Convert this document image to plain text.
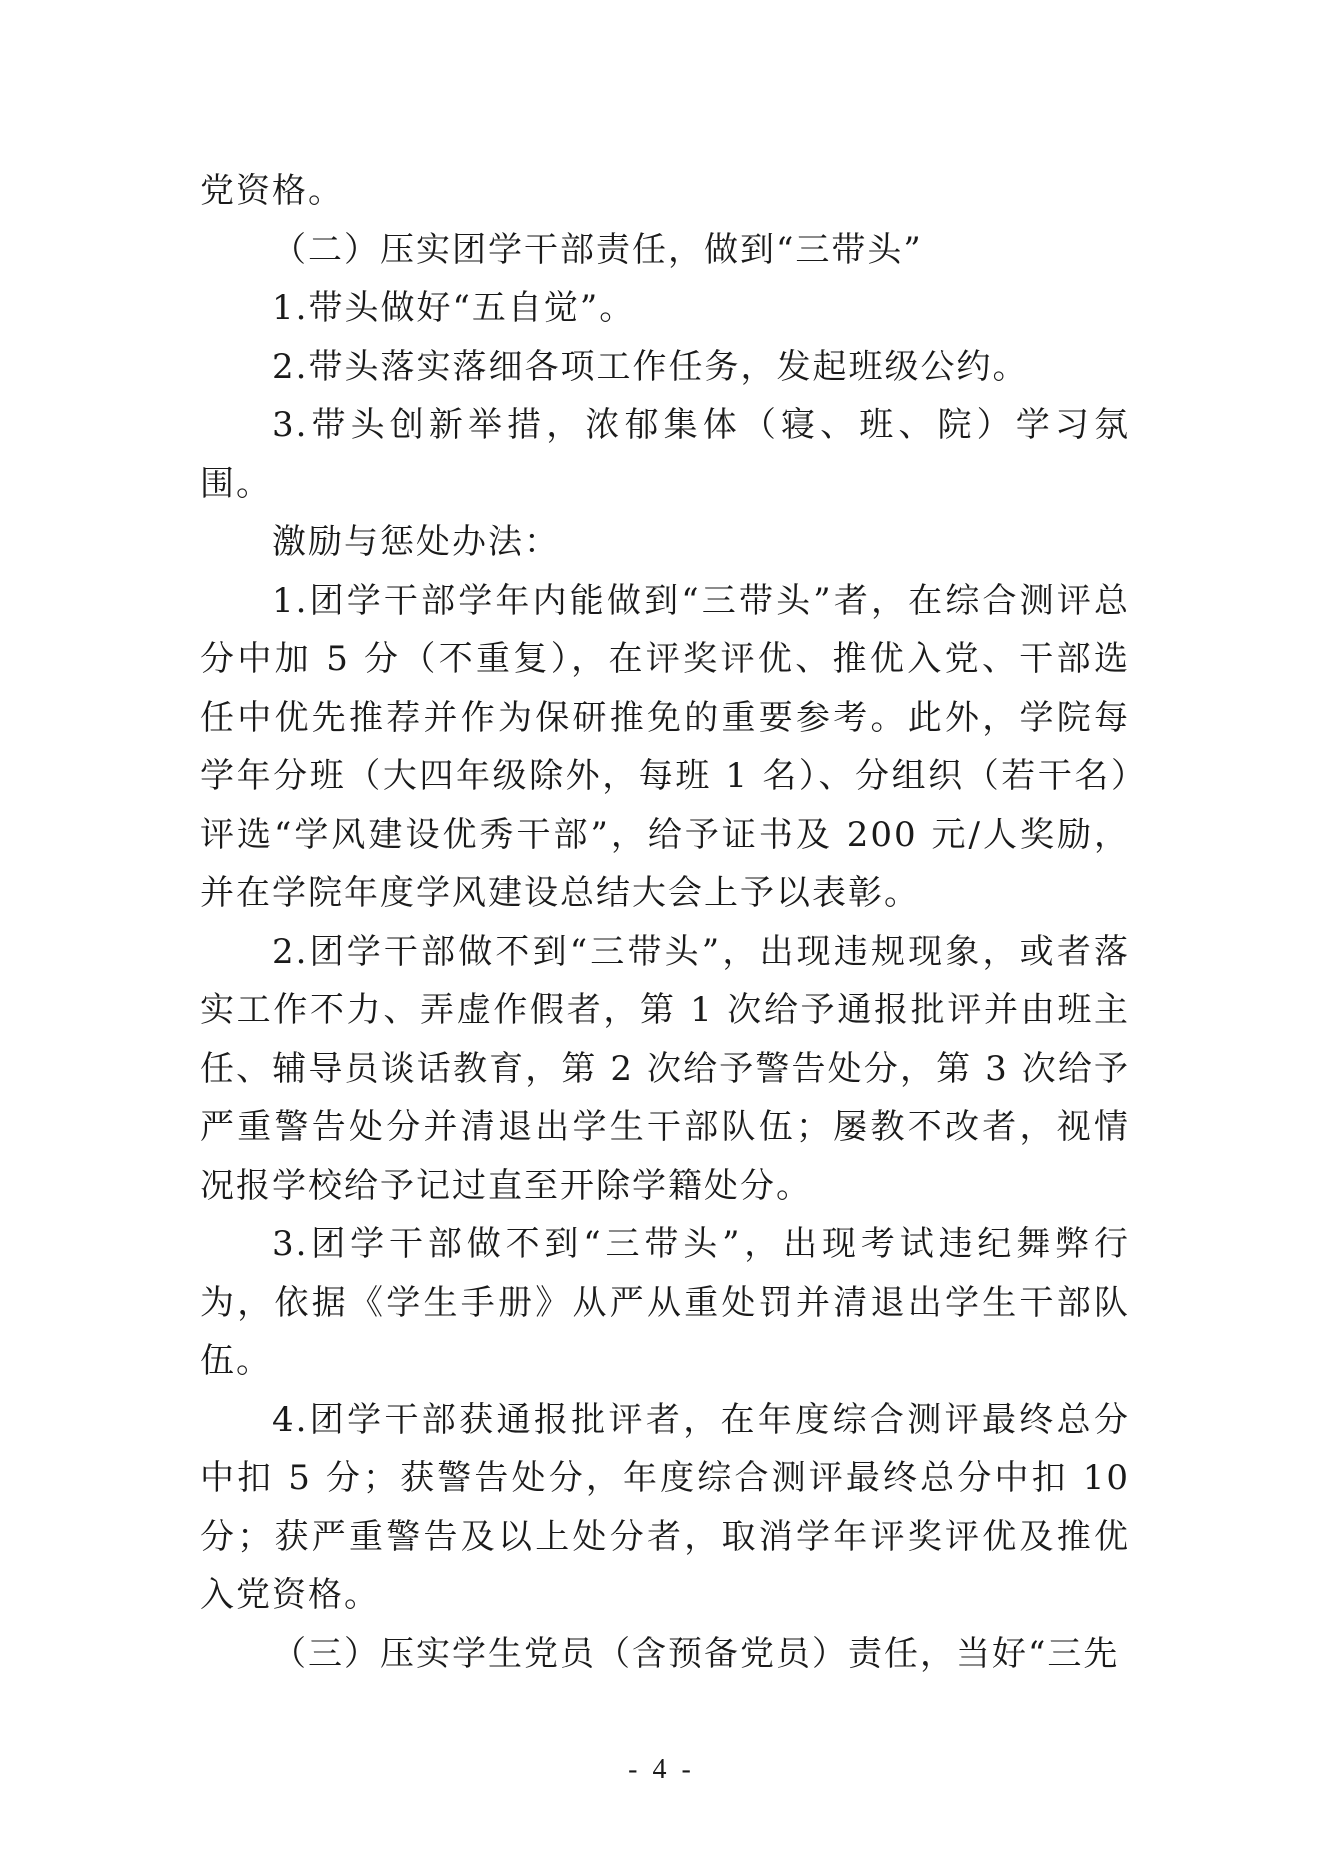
党资格。

（二）压实团学干部责任，做到“三带头”

1.带头做好“五自觉”。

2.带头落实落细各项工作任务，发起班级公约。

3.带头创新举措，浓郁集体（寝、班、院）学习氛围。

激励与惩处办法：

1.团学干部学年内能做到“三带头”者，在综合测评总分中加 5 分（不重复），在评奖评优、推优入党、干部选任中优先推荐并作为保研推免的重要参考。此外，学院每学年分班（大四年级除外，每班 1 名）、分组织（若干名）评选“学风建设优秀干部”，给予证书及 200 元/人奖励，并在学院年度学风建设总结大会上予以表彰。

2.团学干部做不到“三带头”，出现违规现象，或者落实工作不力、弄虚作假者，第 1 次给予通报批评并由班主任、辅导员谈话教育，第 2 次给予警告处分，第 3 次给予严重警告处分并清退出学生干部队伍；屡教不改者，视情况报学校给予记过直至开除学籍处分。

3.团学干部做不到“三带头”，出现考试违纪舞弊行为，依据《学生手册》从严从重处罚并清退出学生干部队伍。

4.团学干部获通报批评者，在年度综合测评最终总分中扣 5 分；获警告处分，年度综合测评最终总分中扣 10 分；获严重警告及以上处分者，取消学年评奖评优及推优入党资格。

（三）压实学生党员（含预备党员）责任，当好“三先

- 4 -
